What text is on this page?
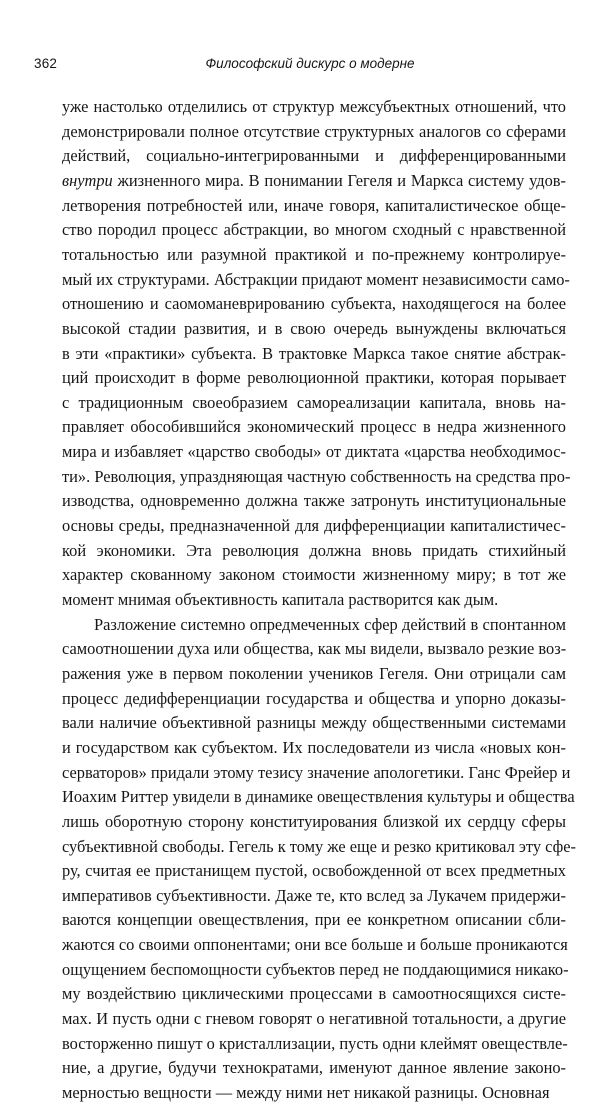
362	Философский дискурс о модерне
уже настолько отделились от структур межсубъектных отношений, что
демонстрировали полное отсутствие структурных аналогов со сферами
действий, социально-интегрированными и дифференцированными
внутри жизненного мира. В понимании Гегеля и Маркса систему удов-
летворения потребностей или, иначе говоря, капиталистическое обще-
ство породил процесс абстракции, во многом сходный с нравственной
тотальностью или разумной практикой и по-прежнему контролируе-
мый их структурами. Абстракции придают момент независимости само-
отношению и саомоманеврированию субъекта, находящегося на более
высокой стадии развития, и в свою очередь вынуждены включаться
в эти «практики» субъекта. В трактовке Маркса такое снятие абстрак-
ций происходит в форме революционной практики, которая порывает
с традиционным своеобразием самореализации капитала, вновь на-
правляет обособившийся экономический процесс в недра жизненного
мира и избавляет «царство свободы» от диктата «царства необходимос-
ти». Революция, упраздняющая частную собственность на средства про-
изводства, одновременно должна также затронуть институциональные
основы среды, предназначенной для дифференциации капиталистичес-
кой экономики. Эта революция должна вновь придать стихийный
характер скованному законом стоимости жизненному миру; в тот же
момент мнимая объективность капитала растворится как дым.
Разложение системно опредмеченных сфер действий в спонтанном
самоотношении духа или общества, как мы видели, вызвало резкие воз-
ражения уже в первом поколении учеников Гегеля. Они отрицали сам
процесс дедифференциации государства и общества и упорно доказы-
вали наличие объективной разницы между общественными системами
и государством как субъектом. Их последователи из числа «новых кон-
серваторов» придали этому тезису значение апологетики. Ганс Фрейер и
Иоахим Риттер увидели в динамике овеществления культуры и общества
лишь оборотную сторону конституирования близкой их сердцу сферы
субъективной свободы. Гегель к тому же еще и резко критиковал эту сфе-
ру, считая ее пристанищем пустой, освобожденной от всех предметных
императивов субъективности. Даже те, кто вслед за Лукачем придержи-
ваются концепции овеществления, при ее конкретном описании сбли-
жаются со своими оппонентами; они все больше и больше проникаются
ощущением беспомощности субъектов перед не поддающимися никако-
му воздействию циклическими процессами в самоотносящихся систе-
мах. И пусть одни с гневом говорят о негативной тотальности, а другие
восторженно пишут о кристаллизации, пусть одни клеймят овеществле-
ние, а другие, будучи технократами, именуют данное явление законо-
мерностью вещности — между ними нет никакой разницы. Основная
